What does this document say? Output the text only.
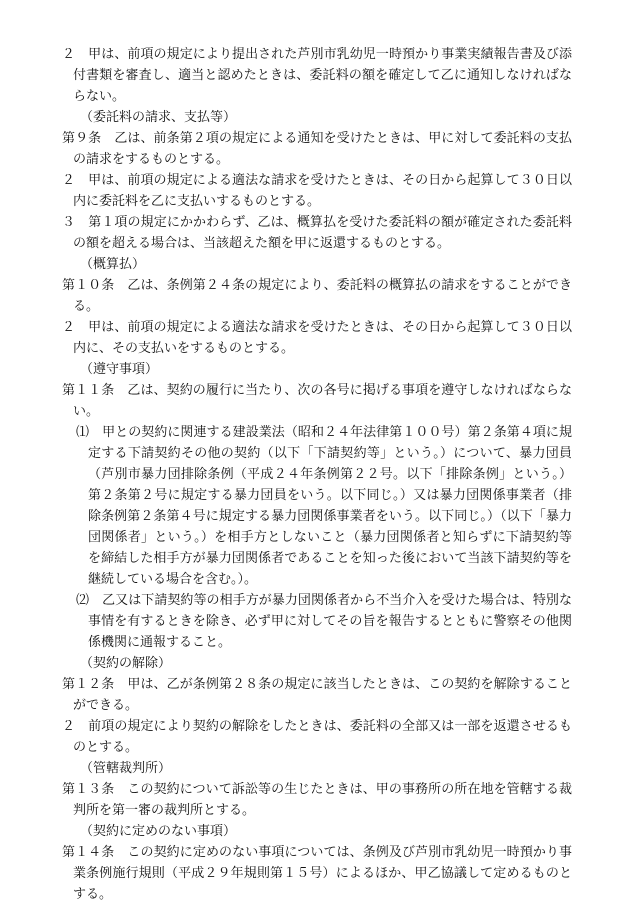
２　甲は、前項の規定により提出された芦別市乳幼児一時預かり事業実績報告書及び添付書類を審査し、適当と認めたときは、委託料の額を確定して乙に通知しなければならない。
（委託料の請求、支払等）
第９条　乙は、前条第２項の規定による通知を受けたときは、甲に対して委託料の支払の請求をするものとする。
２　甲は、前項の規定による適法な請求を受けたときは、その日から起算して３０日以内に委託料を乙に支払いするものとする。
３　第１項の規定にかかわらず、乙は、概算払を受けた委託料の額が確定された委託料の額を超える場合は、当該超えた額を甲に返還するものとする。
（概算払）
第１０条　乙は、条例第２４条の規定により、委託料の概算払の請求をすることができる。
２　甲は、前項の規定による適法な請求を受けたときは、その日から起算して３０日以内に、その支払いをするものとする。
（遵守事項）
第１１条　乙は、契約の履行に当たり、次の各号に掲げる事項を遵守しなければならない。
⑴　甲との契約に関連する建設業法（昭和２４年法律第１００号）第２条第４項に規定する下請契約その他の契約（以下「下請契約等」という。）について、暴力団員（芦別市暴力団排除条例（平成２４年条例第２２号。以下「排除条例」という。）第２条第２号に規定する暴力団員をいう。以下同じ。）又は暴力団関係事業者（排除条例第２条第４号に規定する暴力団関係事業者をいう。以下同じ。）（以下「暴力団関係者」という。）を相手方としないこと（暴力団関係者と知らずに下請契約等を締結した相手方が暴力団関係者であることを知った後において当該下請契約等を継続している場合を含む。）。
⑵　乙又は下請契約等の相手方が暴力団関係者から不当介入を受けた場合は、特別な事情を有するときを除き、必ず甲に対してその旨を報告するとともに警察その他関係機関に通報すること。
（契約の解除）
第１２条　甲は、乙が条例第２８条の規定に該当したときは、この契約を解除することができる。
２　前項の規定により契約の解除をしたときは、委託料の全部又は一部を返還させるものとする。
（管轄裁判所）
第１３条　この契約について訴訟等の生じたときは、甲の事務所の所在地を管轄する裁判所を第一審の裁判所とする。
（契約に定めのない事項）
第１４条　この契約に定めのない事項については、条例及び芦別市乳幼児一時預かり事業条例施行規則（平成２９年規則第１５号）によるほか、甲乙協議して定めるものとする。
